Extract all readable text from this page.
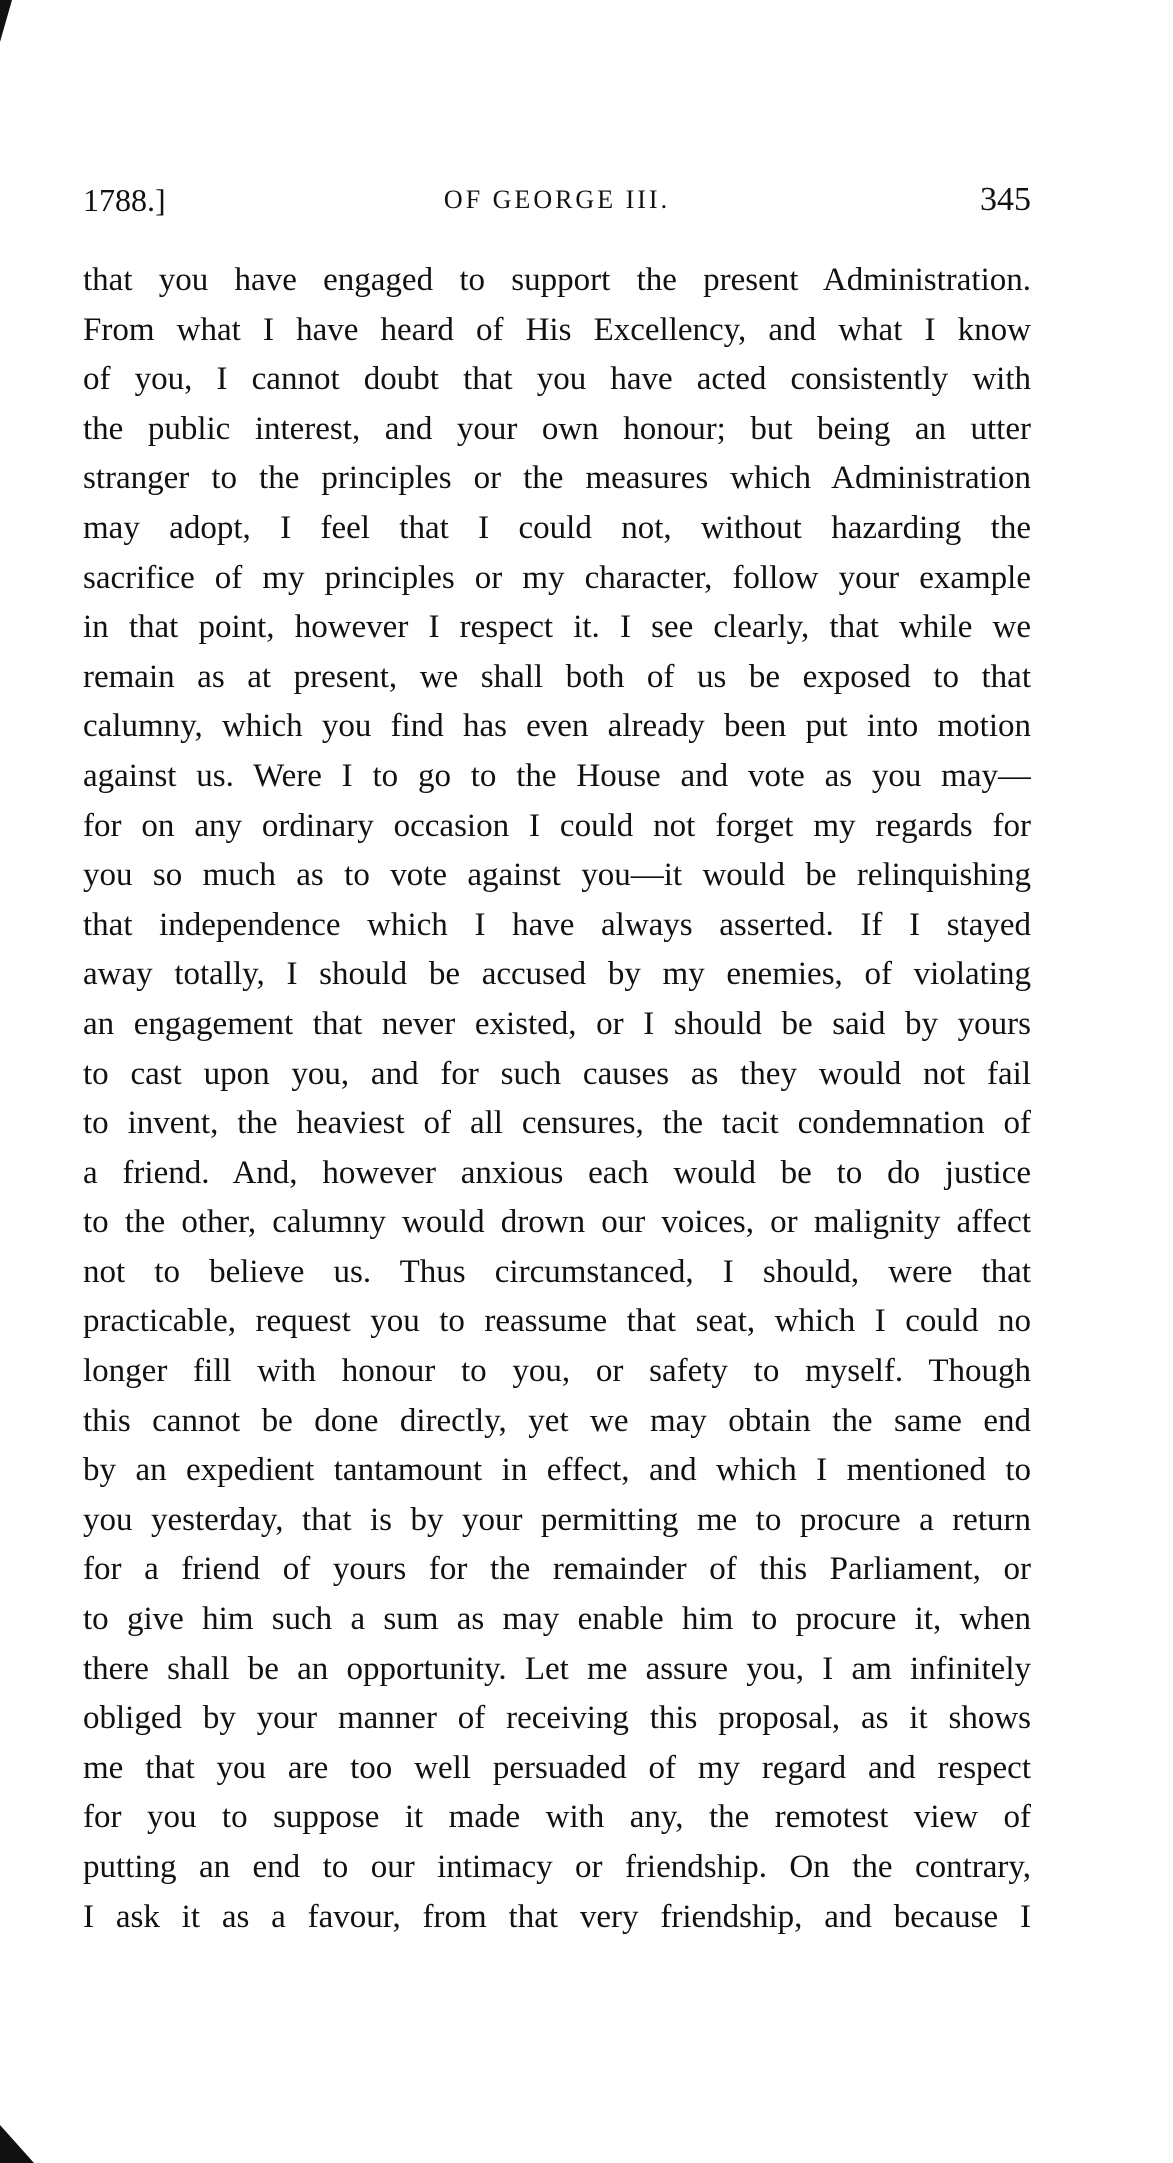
1788.]	OF GEORGE III.	345
that you have engaged to support the present Administration.
From what I have heard of His Excellency, and what I know
of you, I cannot doubt that you have acted consistently with
the public interest, and your own honour; but being an utter
stranger to the principles or the measures which Administration
may adopt, I feel that I could not, without hazarding the
sacrifice of my principles or my character, follow your example
in that point, however I respect it. I see clearly, that while we
remain as at present, we shall both of us be exposed to that
calumny, which you find has even already been put into motion
against us. Were I to go to the House and vote as you may—
for on any ordinary occasion I could not forget my regards for
you so much as to vote against you—it would be relinquishing
that independence which I have always asserted. If I stayed
away totally, I should be accused by my enemies, of violating
an engagement that never existed, or I should be said by yours
to cast upon you, and for such causes as they would not fail
to invent, the heaviest of all censures, the tacit condemnation of
a friend. And, however anxious each would be to do justice
to the other, calumny would drown our voices, or malignity affect
not to believe us. Thus circumstanced, I should, were that
practicable, request you to reassume that seat, which I could no
longer fill with honour to you, or safety to myself. Though
this cannot be done directly, yet we may obtain the same end
by an expedient tantamount in effect, and which I mentioned to
you yesterday, that is by your permitting me to procure a return
for a friend of yours for the remainder of this Parliament, or
to give him such a sum as may enable him to procure it, when
there shall be an opportunity. Let me assure you, I am infinitely
obliged by your manner of receiving this proposal, as it shows
me that you are too well persuaded of my regard and respect
for you to suppose it made with any, the remotest view of
putting an end to our intimacy or friendship. On the contrary,
I ask it as a favour, from that very friendship, and because I
